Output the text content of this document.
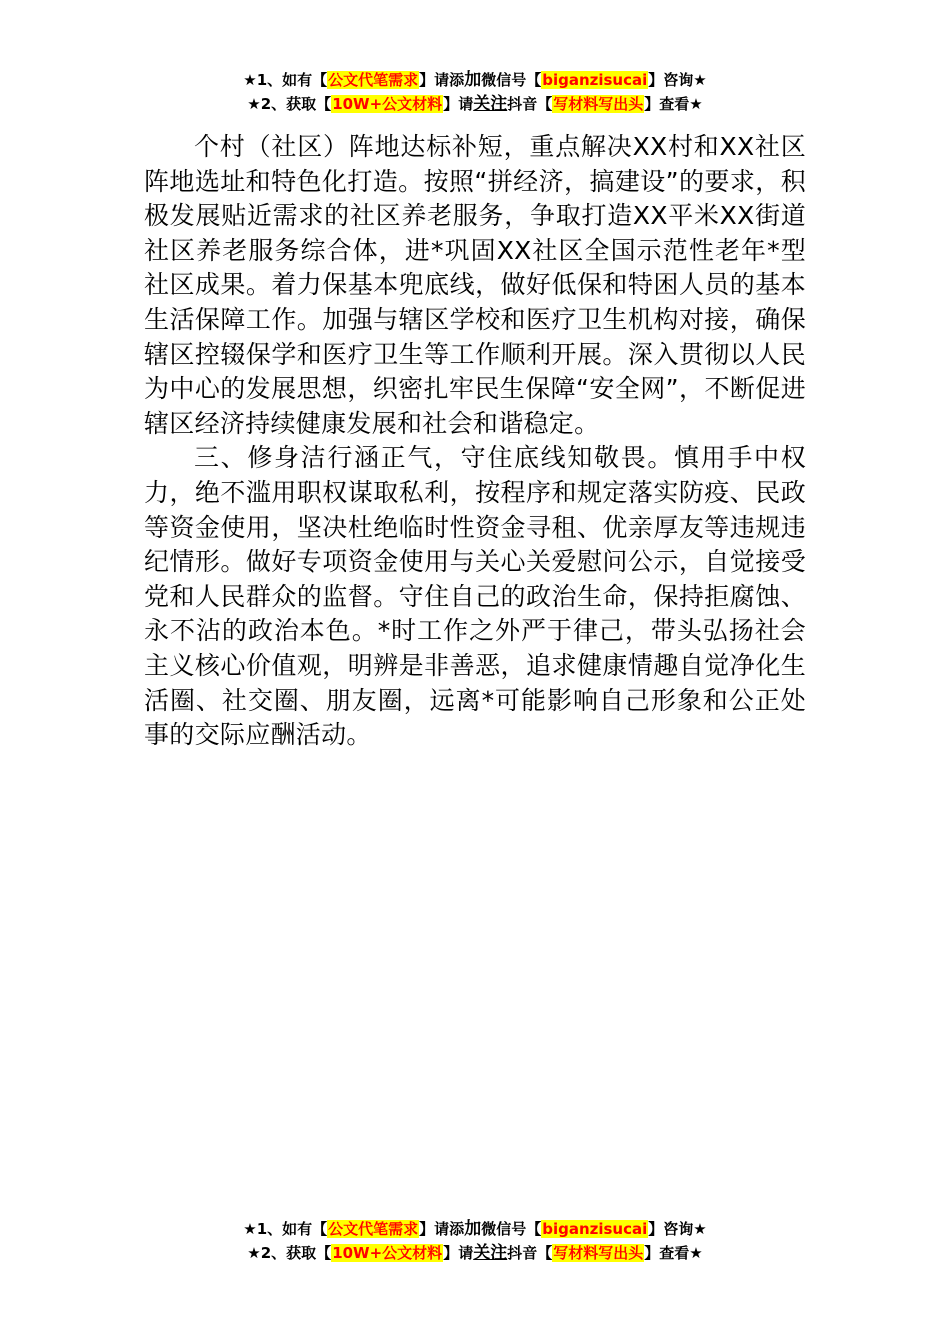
★1、如有【公文代笔需求】请添加微信号【biganzisucai】咨询★
★2、获取【10W+公文材料】请关注抖音【写材料写出头】查看★

个村（社区）阵地达标补短，重点解决XX村和XX社区阵地选址和特色化打造。按照“拼经济，搞建设”的要求，积极发展贴近需求的社区养老服务，争取打造XX平米XX街道社区养老服务综合体，进*巩固XX社区全国示范性老年*型社区成果。着力保基本兜底线，做好低保和特困人员的基本生活保障工作。加强与辖区学校和医疗卫生机构对接，确保辖区控辍保学和医疗卫生等工作顺利开展。深入贯彻以人民为中心的发展思想，织密扎牢民生保障“安全网”，不断促进辖区经济持续健康发展和社会和谐稳定。

三、修身洁行涵正气，守住底线知敬畏。慎用手中权力，绝不滥用职权谋取私利，按程序和规定落实防疫、民政等资金使用，坚决杜绝临时性资金寻租、优亲厚友等违规违纪情形。做好专项资金使用与关心关爱慰问公示，自觉接受党和人民群众的监督。守住自己的政治生命，保持拒腐蚀、永不沾的政治本色。*时工作之外严于律己，带头弘扬社会主义核心价值观，明辨是非善恶，追求健康情趣自觉净化生活圈、社交圈、朋友圈，远离*可能影响自己形象和公正处事的交际应酬活动。

★1、如有【公文代笔需求】请添加微信号【biganzisucai】咨询★
★2、获取【10W+公文材料】请关注抖音【写材料写出头】查看★
